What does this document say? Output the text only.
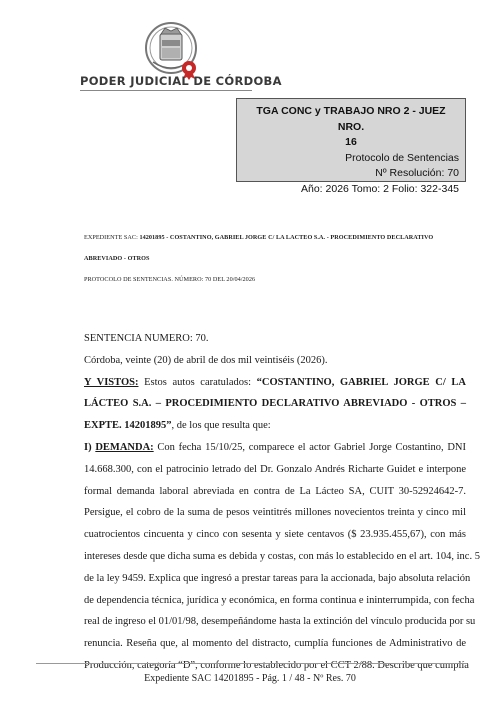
PODER JUDICIAL DE CÓRDOBA
TGA CONC y TRABAJO NRO 2 - JUEZ NRO.
16
Protocolo de Sentencias
Nº Resolución: 70
Año: 2026 Tomo: 2 Folio: 322-345
EXPEDIENTE SAC: 14201895 - COSTANTINO, GABRIEL JORGE C/ LA LACTEO S.A. - PROCEDIMIENTO DECLARATIVO
ABREVIADO - OTROS
PROTOCOLO DE SENTENCIAS. NÚMERO: 70 DEL 20/04/2026
SENTENCIA NUMERO: 70.
Córdoba, veinte (20) de abril de dos mil veintiséis (2026).
Y VISTOS: Estos autos caratulados: “COSTANTINO, GABRIEL JORGE C/ LA
LÁCTEO S.A. – PROCEDIMIENTO DECLARATIVO ABREVIADO - OTROS –
EXPTE. 14201895”, de los que resulta que:
I) DEMANDA: Con fecha 15/10/25, comparece el actor Gabriel Jorge Costantino, DNI
14.668.300, con el patrocinio letrado del Dr. Gonzalo Andrés Richarte Guidet e interpone
formal demanda laboral abreviada en contra de La Lácteo SA, CUIT 30-52924642-7.
Persigue, el cobro de la suma de pesos veintitrés millones novecientos treinta y cinco mil
cuatrocientos cincuenta y cinco con sesenta y siete centavos ($ 23.935.455,67), con más
intereses desde que dicha suma es debida y costas, con más lo establecido en el art. 104, inc. 5
de la ley 9459. Explica que ingresó a prestar tareas para la accionada, bajo absoluta relación
de dependencia técnica, jurídica y económica, en forma continua e ininterrumpida, con fecha
real de ingreso el 01/01/98, desempeñándome hasta la extinción del vínculo producida por su
renuncia. Reseña que, al momento del distracto, cumplía funciones de Administrativo de
Producción, categoría “D”, conforme lo establecido por el CCT 2/88. Describe que cumplía
Expediente SAC 14201895 - Pág. 1 / 48 - Nº Res. 70
